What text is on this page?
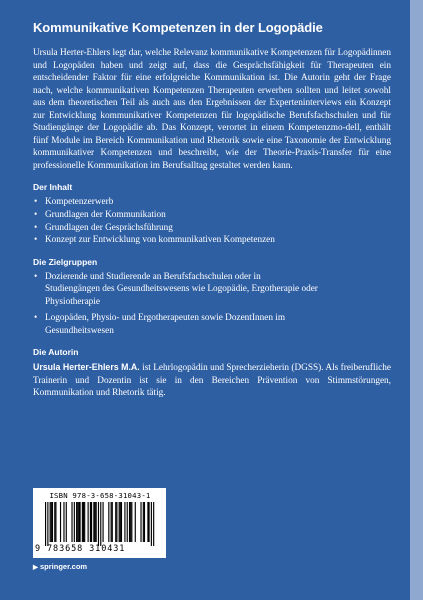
Kommunikative Kompetenzen in der Logopädie

Ursula Herter-Ehlers legt dar, welche Relevanz kommunikative Kompetenzen für Logopädinnen und Logopäden haben und zeigt auf, dass die Gesprächsfähigkeit für Therapeuten ein entscheidender Faktor für eine erfolgreiche Kommunikation ist. Die Autorin geht der Frage nach, welche kommunikativen Kompetenzen Therapeuten erwerben sollten und leitet sowohl aus dem theoretischen Teil als auch aus den Ergebnissen der Experteninterviews ein Konzept zur Entwicklung kommunikativer Kompetenzen für logopädische Berufsfachschulen und für Studiengänge der Logopädie ab. Das Konzept, verortet in einem Kompetenzmo-dell, enthält fünf Module im Bereich Kommunikation und Rhetorik sowie eine Taxonomie der Entwicklung kommunikativer Kompetenzen und beschreibt, wie der Theorie-Praxis-Transfer für eine professionelle Kommunikation im Berufsalltag gestaltet werden kann.

Der Inhalt
• Kompetenzerwerb
• Grundlagen der Kommunikation
• Grundlagen der Gesprächsführung
• Konzept zur Entwicklung von kommunikativen Kompetenzen
Die Zielgruppen
• Dozierende und Studierende an Berufsfachschulen oder in
Studiengängen des Gesundheitswesens wie Logopädie, Ergotherapie oder
Physiotherapie
• Logopäden, Physio- und Ergotherapeuten sowie DozentInnen im
Gesundheitswesen
Die Autorin

Ursula Herter-Ehlers M.A. ist Lehrlogopädin und Sprecherzieherin (DGSS). Als freiberufliche Trainerin und Dozentin ist sie in den Bereichen Prävention von Stimmstörungen, Kommunikation und Rhetorik tätig.

ISBN 978-3-658-31043-1
9 783658 310431
▶ springer.com
